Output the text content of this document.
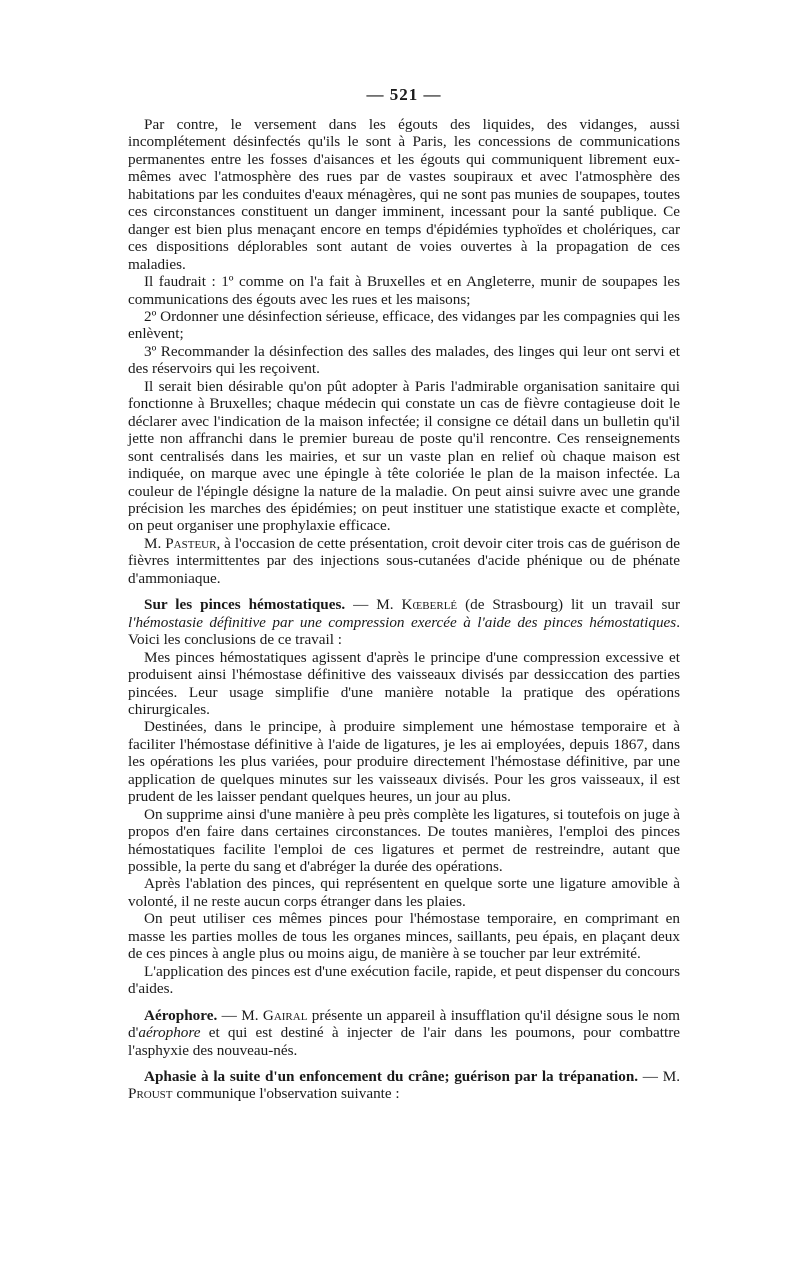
— 521 —

Par contre, le versement dans les égouts des liquides, des vidanges, aussi incomplétement désinfectés qu'ils le sont à Paris, les concessions de communications permanentes entre les fosses d'aisances et les égouts qui communiquent librement eux-mêmes avec l'atmosphère des rues par de vastes soupiraux et avec l'atmosphère des habitations par les conduites d'eaux ménagères, qui ne sont pas munies de soupapes, toutes ces circonstances constituent un danger imminent, incessant pour la santé publique. Ce danger est bien plus menaçant encore en temps d'épidémies typhoïdes et cholériques, car ces dispositions déplorables sont autant de voies ouvertes à la propagation de ces maladies.

Il faudrait : 1º comme on l'a fait à Bruxelles et en Angleterre, munir de soupapes les communications des égouts avec les rues et les maisons;

2º Ordonner une désinfection sérieuse, efficace, des vidanges par les compagnies qui les enlèvent;

3º Recommander la désinfection des salles des malades, des linges qui leur ont servi et des réservoirs qui les reçoivent.

Il serait bien désirable qu'on pût adopter à Paris l'admirable organisation sanitaire qui fonctionne à Bruxelles; chaque médecin qui constate un cas de fièvre contagieuse doit le déclarer avec l'indication de la maison infectée; il consigne ce détail dans un bulletin qu'il jette non affranchi dans le premier bureau de poste qu'il rencontre. Ces renseignements sont centralisés dans les mairies, et sur un vaste plan en relief où chaque maison est indiquée, on marque avec une épingle à tête coloriée le plan de la maison infectée. La couleur de l'épingle désigne la nature de la maladie. On peut ainsi suivre avec une grande précision les marches des épidémies; on peut instituer une statistique exacte et complète, on peut organiser une prophylaxie efficace.

M. Pasteur, à l'occasion de cette présentation, croit devoir citer trois cas de guérison de fièvres intermittentes par des injections sous-cutanées d'acide phénique ou de phénate d'ammoniaque.

Sur les pinces hémostatiques. — M. Kœberlé (de Strasbourg) lit un travail sur l'hémostasie définitive par une compression exercée à l'aide des pinces hémostatiques. Voici les conclusions de ce travail :

Mes pinces hémostatiques agissent d'après le principe d'une compression excessive et produisent ainsi l'hémostase définitive des vaisseaux divisés par dessiccation des parties pincées. Leur usage simplifie d'une manière notable la pratique des opérations chirurgicales.

Destinées, dans le principe, à produire simplement une hémostase temporaire et à faciliter l'hémostase définitive à l'aide de ligatures, je les ai employées, depuis 1867, dans les opérations les plus variées, pour produire directement l'hémostase définitive, par une application de quelques minutes sur les vaisseaux divisés. Pour les gros vaisseaux, il est prudent de les laisser pendant quelques heures, un jour au plus.

On supprime ainsi d'une manière à peu près complète les ligatures, si toutefois on juge à propos d'en faire dans certaines circonstances. De toutes manières, l'emploi des pinces hémostatiques facilite l'emploi de ces ligatures et permet de restreindre, autant que possible, la perte du sang et d'abréger la durée des opérations.

Après l'ablation des pinces, qui représentent en quelque sorte une ligature amovible à volonté, il ne reste aucun corps étranger dans les plaies.

On peut utiliser ces mêmes pinces pour l'hémostase temporaire, en comprimant en masse les parties molles de tous les organes minces, saillants, peu épais, en plaçant deux de ces pinces à angle plus ou moins aigu, de manière à se toucher par leur extrémité.

L'application des pinces est d'une exécution facile, rapide, et peut dispenser du concours d'aides.

Aérophore. — M. Gairal présente un appareil à insufflation qu'il désigne sous le nom d'aérophore et qui est destiné à injecter de l'air dans les poumons, pour combattre l'asphyxie des nouveau-nés.

Aphasie à la suite d'un enfoncement du crâne; guérison par la trépanation. — M. Proust communique l'observation suivante :
